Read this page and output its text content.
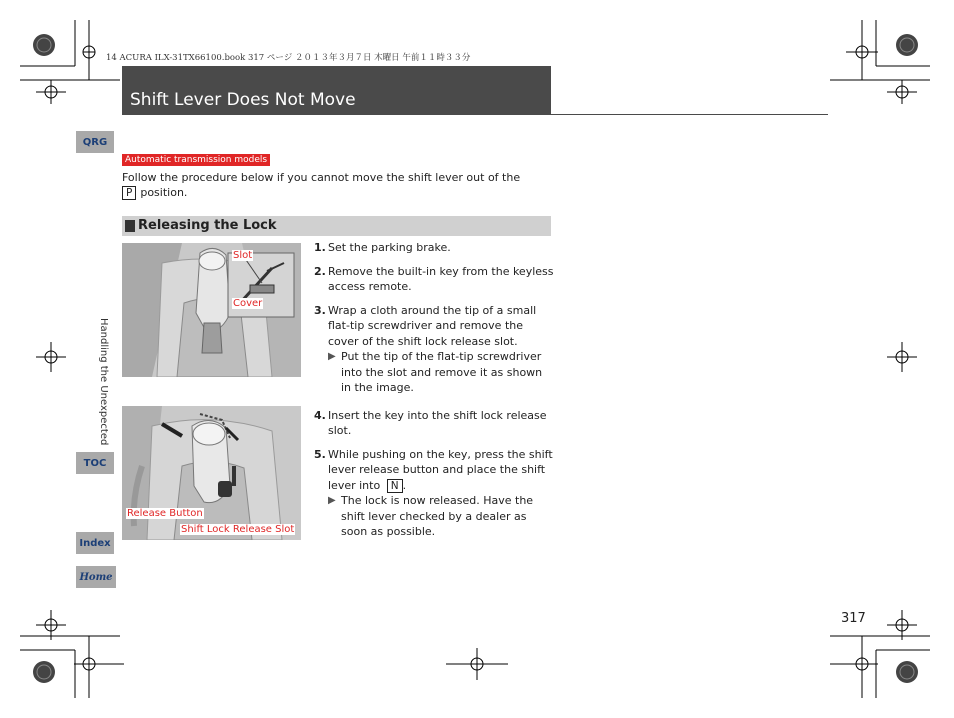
14 ACURA ILX-31TX66100.book 317 ページ ２０１３年３月７日 木曜日 午前１１時３３分
Shift Lever Does Not Move
QRG
Handling the Unexpected
TOC
Index
Home
Automatic transmission models
Follow the procedure below if you cannot move the shift lever out of the
P position.
Releasing the Lock
Slot
Cover
Release Button
Shift Lock Release Slot
1. Set the parking brake.
2. Remove the built-in key from the keyless access remote.
3. Wrap a cloth around the tip of a small flat-tip screwdriver and remove the cover of the shift lock release slot.
▶ Put the tip of the flat-tip screwdriver into the slot and remove it as shown in the image.
4. Insert the key into the shift lock release slot.
5. While pushing on the key, press the shift lever release button and place the shift lever into N .
▶ The lock is now released. Have the shift lever checked by a dealer as soon as possible.
317
